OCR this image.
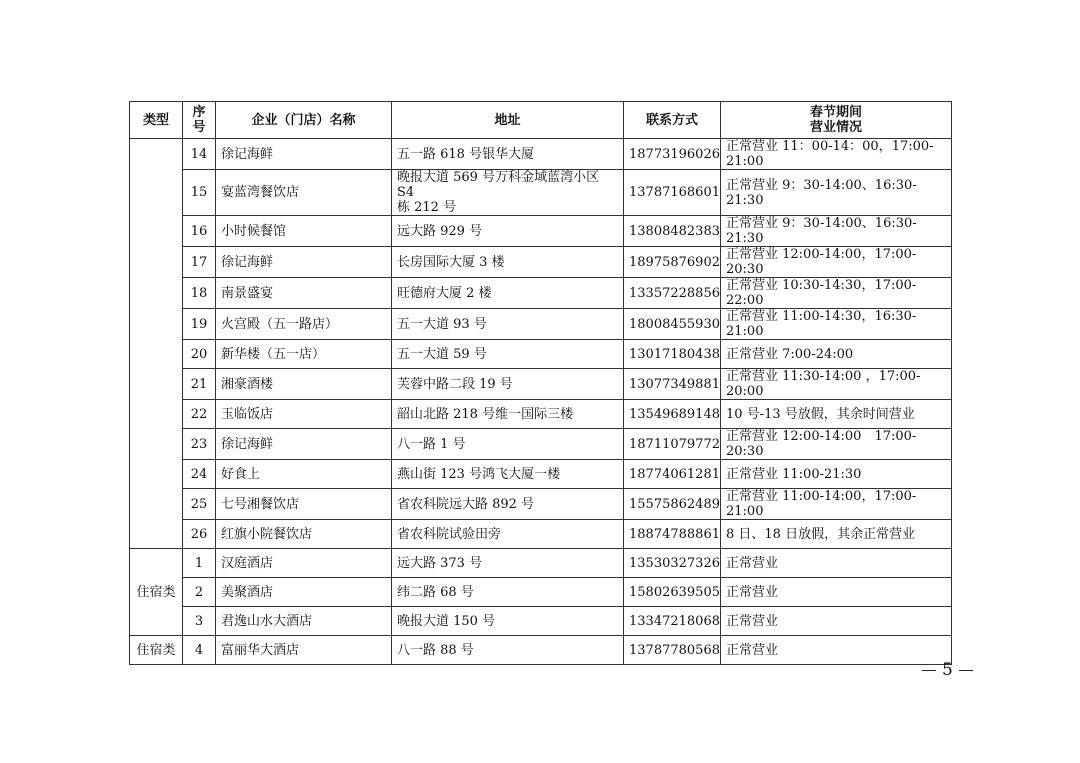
类型	序号	企业（门店）名称	地址	联系方式	春节期间
营业情况

	14	徐记海鲜	五一路 618 号银华大厦	18773196026	正常营业 11：00-14：00，17:00-21:00
	15	宴蓝湾餐饮店	晚报大道 569 号万科金域蓝湾小区 S4
栋 212 号	13787168601	正常营业 9：30-14:00、16:30-21:30
	16	小时候餐馆	远大路 929 号	13808482383	正常营业 9：30-14:00、16:30-21:30
	17	徐记海鲜	长房国际大厦 3 楼	18975876902	正常营业 12:00-14:00，17:00-20:30
	18	南景盛宴	旺德府大厦 2 楼	13357228856	正常营业 10:30-14:30，17:00-22:00
	19	火宫殿（五一路店）	五一大道 93 号	18008455930	正常营业 11:00-14:30，16:30-21:00
	20	新华楼（五一店）	五一大道 59 号	13017180438	正常营业 7:00-24:00
	21	湘豪酒楼	芙蓉中路二段 19 号	13077349881	正常营业 11:30-14:00 ，17:00-20:00
	22	玉临饭店	韶山北路 218 号维一国际三楼	13549689148	10 号-13 号放假，其余时间营业
	23	徐记海鲜	八一路 1 号	18711079772	正常营业 12:00-14:00　17:00-20:30
	24	好食上	燕山街 123 号鸿飞大厦一楼	18774061281	正常营业 11:00-21:30
	25	七号湘餐饮店	省农科院远大路 892 号	15575862489	正常营业 11:00-14:00，17:00-21:00
	26	红旗小院餐饮店	省农科院试验田旁	18874788861	8 日、18 日放假，其余正常营业
住宿类	1	汉庭酒店	远大路 373 号	13530327326	正常营业
	2	美聚酒店	纬二路 68 号	15802639505	正常营业
	3	君逸山水大酒店	晚报大道 150 号	13347218068	正常营业
住宿类	4	富丽华大酒店	八一路 88 号	13787780568	正常营业
5
